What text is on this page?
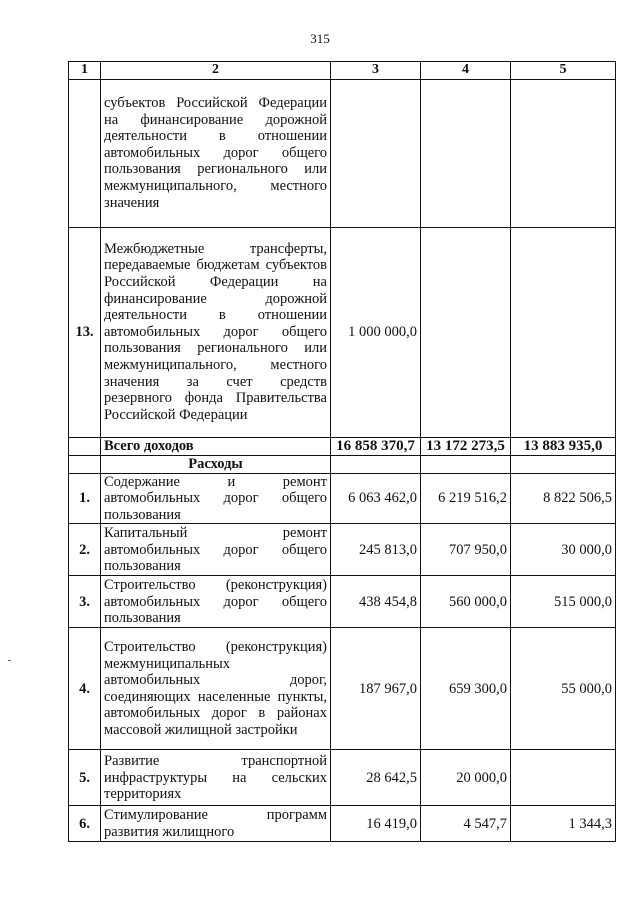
315
1	2	3	4	5
	субъектов Российской Федерации на финансирование дорожной деятельности в отношении автомобильных дорог общего пользования регионального или межмуниципального, местного значения			
13.	Межбюджетные трансферты, передаваемые бюджетам субъектов Российской Федерации на финансирование дорожной деятельности в отношении автомобильных дорог общего пользования регионального или межмуниципального, местного значения за счет средств резервного фонда Правительства Российской Федерации	1 000 000,0		
	Всего доходов	16 858 370,7	13 172 273,5	13 883 935,0
	Расходы			
1.	Содержание и ремонт автомобильных дорог общего пользования	6 063 462,0	6 219 516,2	8 822 506,5
2.	Капитальный ремонт автомобильных дорог общего пользования	245 813,0	707 950,0	30 000,0
3.	Строительство (реконструкция) автомобильных дорог общего пользования	438 454,8	560 000,0	515 000,0
4.	Строительство (реконструкция) межмуниципальных автомобильных дорог, соединяющих населенные пункты, автомобильных дорог в районах массовой жилищной застройки	187 967,0	659 300,0	55 000,0
5.	Развитие транспортной инфраструктуры на сельских территориях	28 642,5	20 000,0	
6.	Стимулирование программ развития жилищного	16 419,0	4 547,7	1 344,3
